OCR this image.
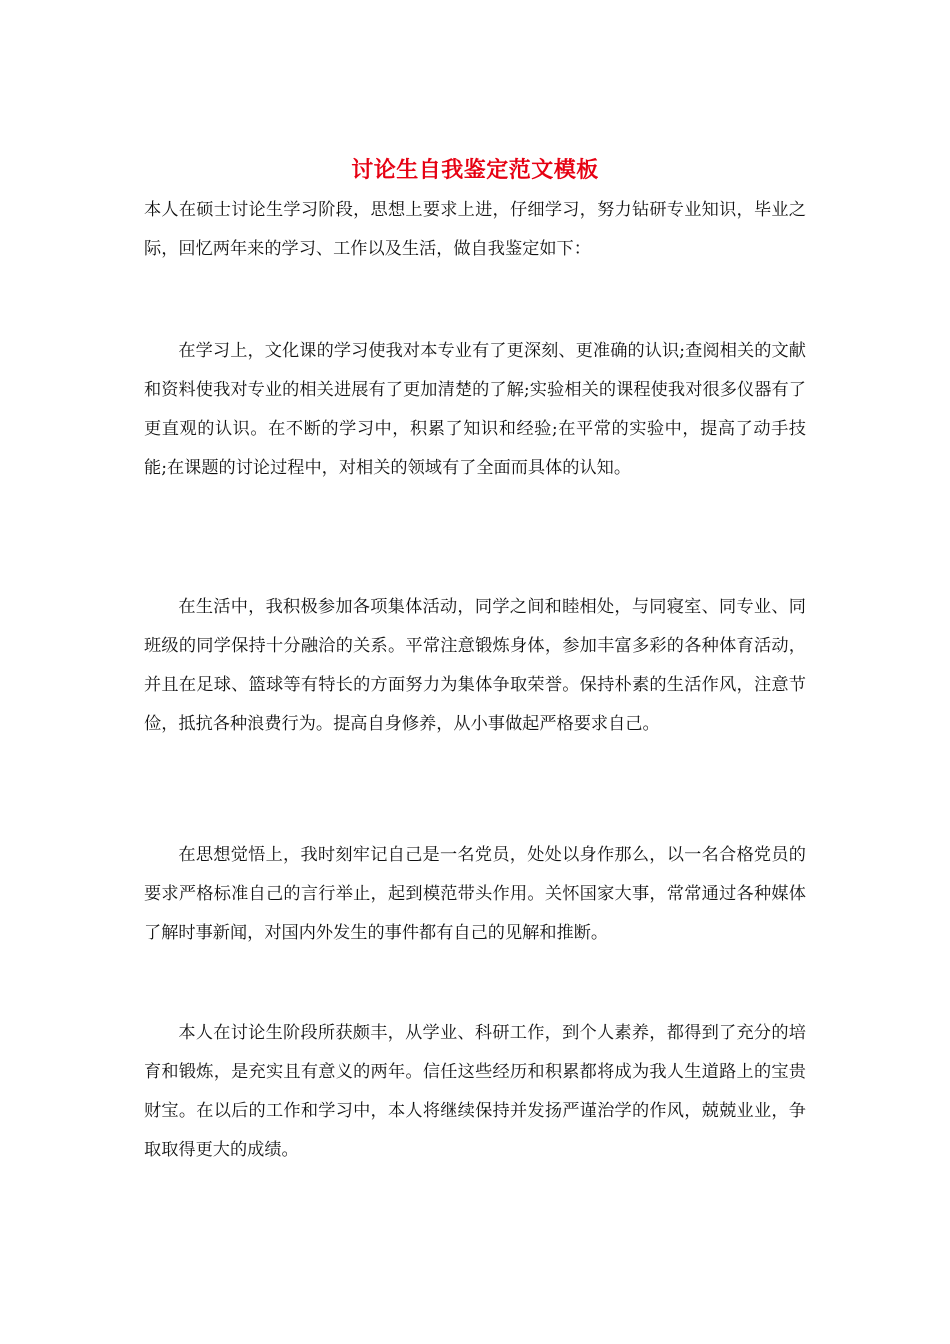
讨论生自我鉴定范文模板

本人在硕士讨论生学习阶段，思想上要求上进，仔细学习，努力钻研专业知识，毕业之际，回忆两年来的学习、工作以及生活，做自我鉴定如下：

在学习上，文化课的学习使我对本专业有了更深刻、更准确的认识;查阅相关的文献和资料使我对专业的相关进展有了更加清楚的了解;实验相关的课程使我对很多仪器有了更直观的认识。在不断的学习中，积累了知识和经验;在平常的实验中，提高了动手技能;在课题的讨论过程中，对相关的领域有了全面而具体的认知。

在生活中，我积极参加各项集体活动，同学之间和睦相处，与同寝室、同专业、同班级的同学保持十分融洽的关系。平常注意锻炼身体，参加丰富多彩的各种体育活动，并且在足球、篮球等有特长的方面努力为集体争取荣誉。保持朴素的生活作风，注意节俭，抵抗各种浪费行为。提高自身修养，从小事做起严格要求自己。

在思想觉悟上，我时刻牢记自己是一名党员，处处以身作那么，以一名合格党员的要求严格标准自己的言行举止，起到模范带头作用。关怀国家大事，常常通过各种媒体了解时事新闻，对国内外发生的事件都有自己的见解和推断。

本人在讨论生阶段所获颇丰，从学业、科研工作，到个人素养，都得到了充分的培育和锻炼，是充实且有意义的两年。信任这些经历和积累都将成为我人生道路上的宝贵财宝。在以后的工作和学习中，本人将继续保持并发扬严谨治学的作风，兢兢业业，争取取得更大的成绩。
